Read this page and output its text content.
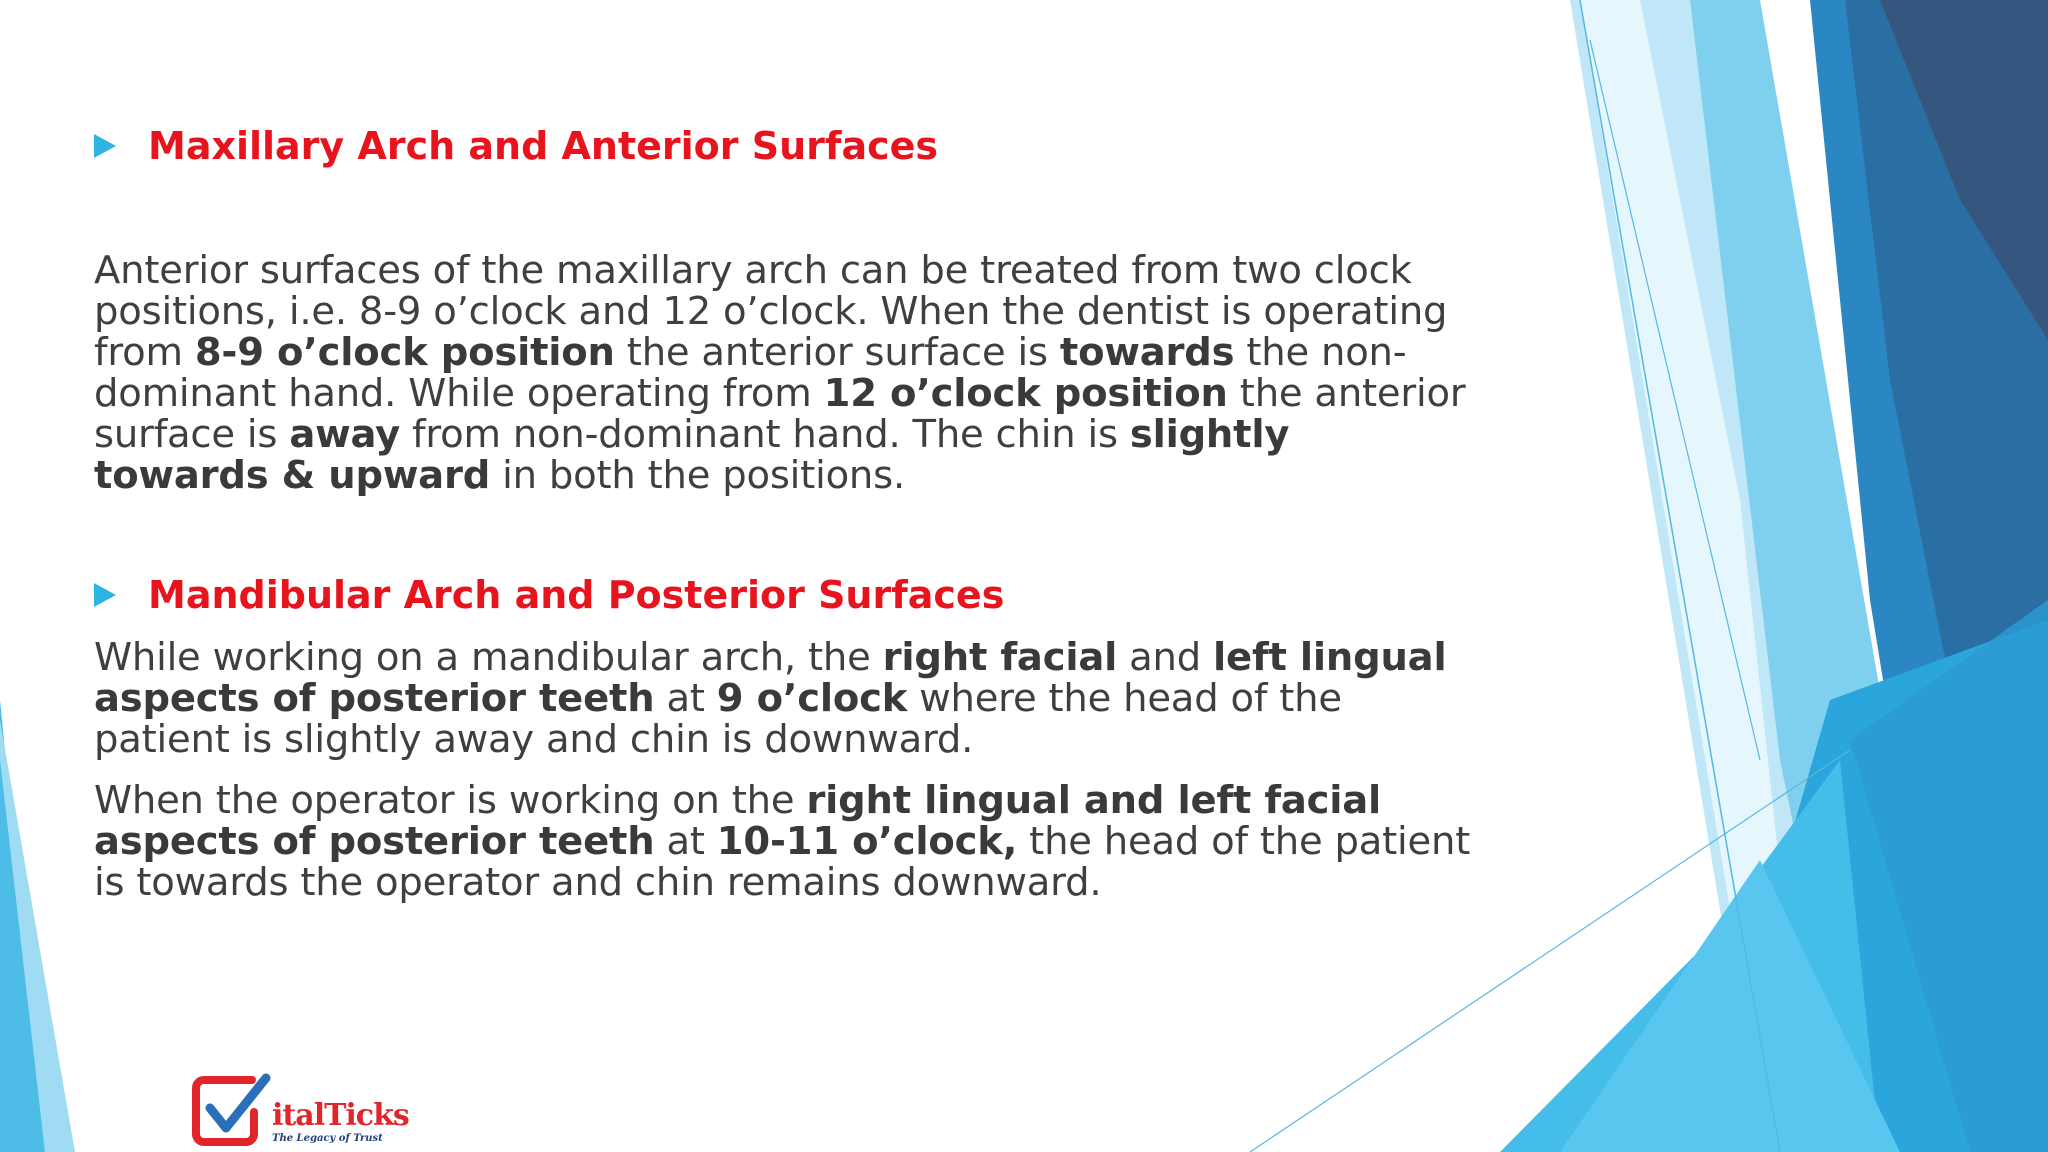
Maxillary Arch and Anterior Surfaces
Anterior surfaces of the maxillary arch can be treated from two clock positions, i.e. 8-9 o’clock and 12 o’clock. When the dentist is operating from 8-9 o’clock position the anterior surface is towards the non-dominant hand. While operating from 12 o’clock position the anterior surface is away from non-dominant hand. The chin is slightly towards & upward in both the positions.
Mandibular Arch and Posterior Surfaces
While working on a mandibular arch, the right facial and left lingual aspects of posterior teeth at 9 o’clock where the head of the patient is slightly away and chin is downward.
When the operator is working on the right lingual and left facial aspects of posterior teeth at 10-11 o’clock, the head of the patient is towards the operator and chin remains downward.
italTicks
The Legacy of Trust
